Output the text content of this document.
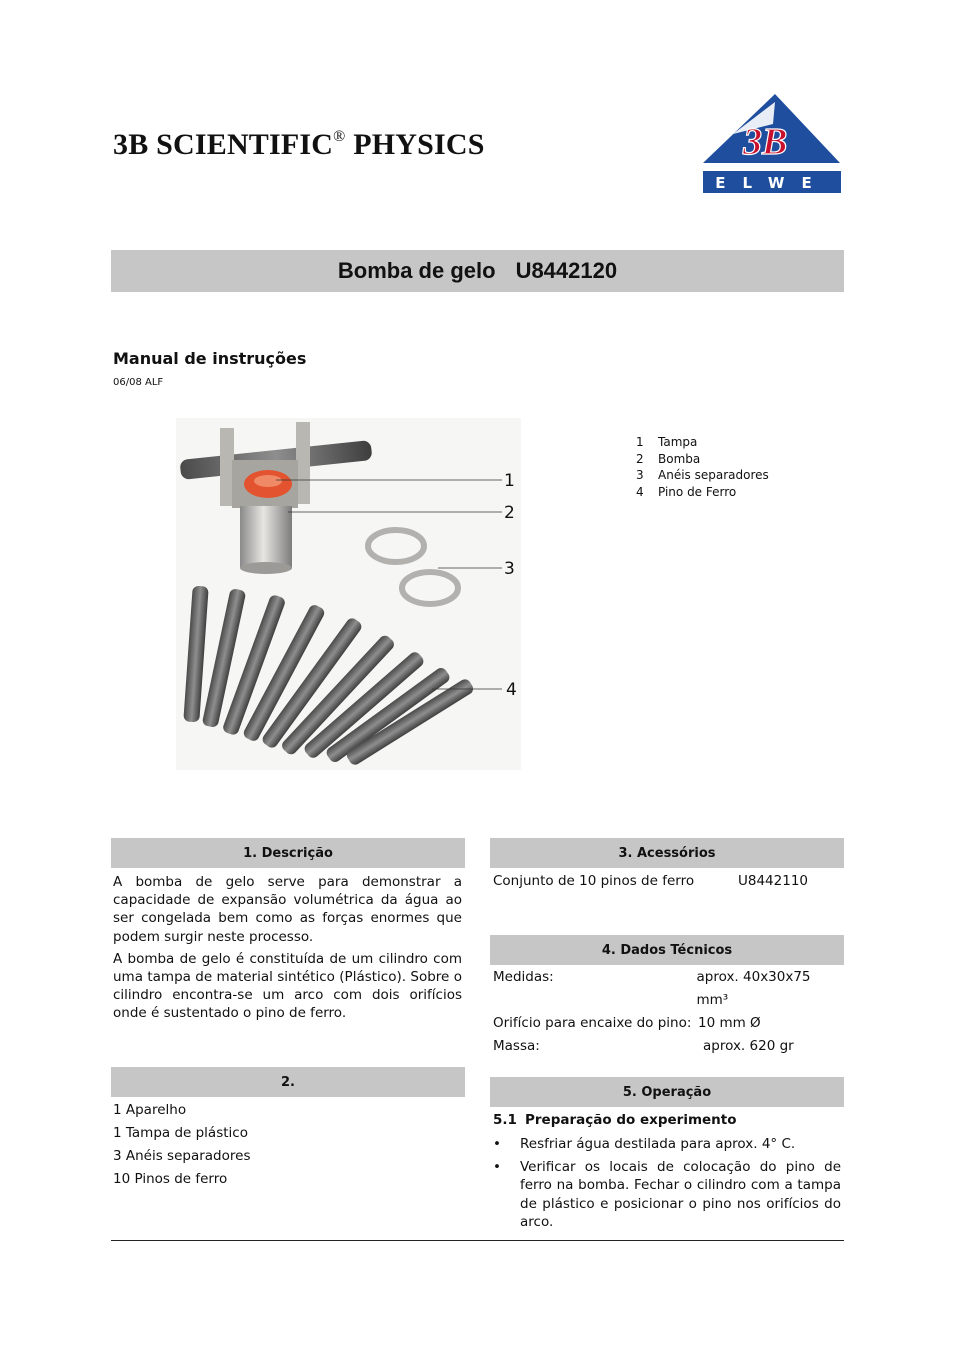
3B SCIENTIFIC® PHYSICS	3B ®
ELWE
Bomba de gelo U8442120
Manual de instruções
06/08 ALF
1
2
3
4
1	Tampa
2	Bomba
3	Anéis separadores
4	Pino de Ferro
1. Descrição

A bomba de gelo serve para demonstrar a capacidade de expansão volumétrica da água ao ser congelada bem como as forças enormes que podem surgir neste processo.

A bomba de gelo é constituída de um cilindro com uma tampa de material sintético (Plástico). Sobre o cilindro encontra-se um arco com dois orifícios onde é sustentado o pino de ferro.

2.
1 Aparelho
1 Tampa de plástico
3 Anéis separadores
10 Pinos de ferro
3. Acessórios
Conjunto de 10 pinos de ferro	U8442110
4. Dados Técnicos
Medidas:	aprox. 40x30x75 mm³
Orifício para encaixe do pino: 10 mm Ø
Massa:	aprox. 620 gr
5. Operação
5.1 Preparação do experimento
•	Resfriar água destilada para aprox. 4° C.
•	Verificar os locais de colocação do pino de ferro na bomba. Fechar o cilindro com a tampa de plástico e posicionar o pino nos orifícios do arco.
